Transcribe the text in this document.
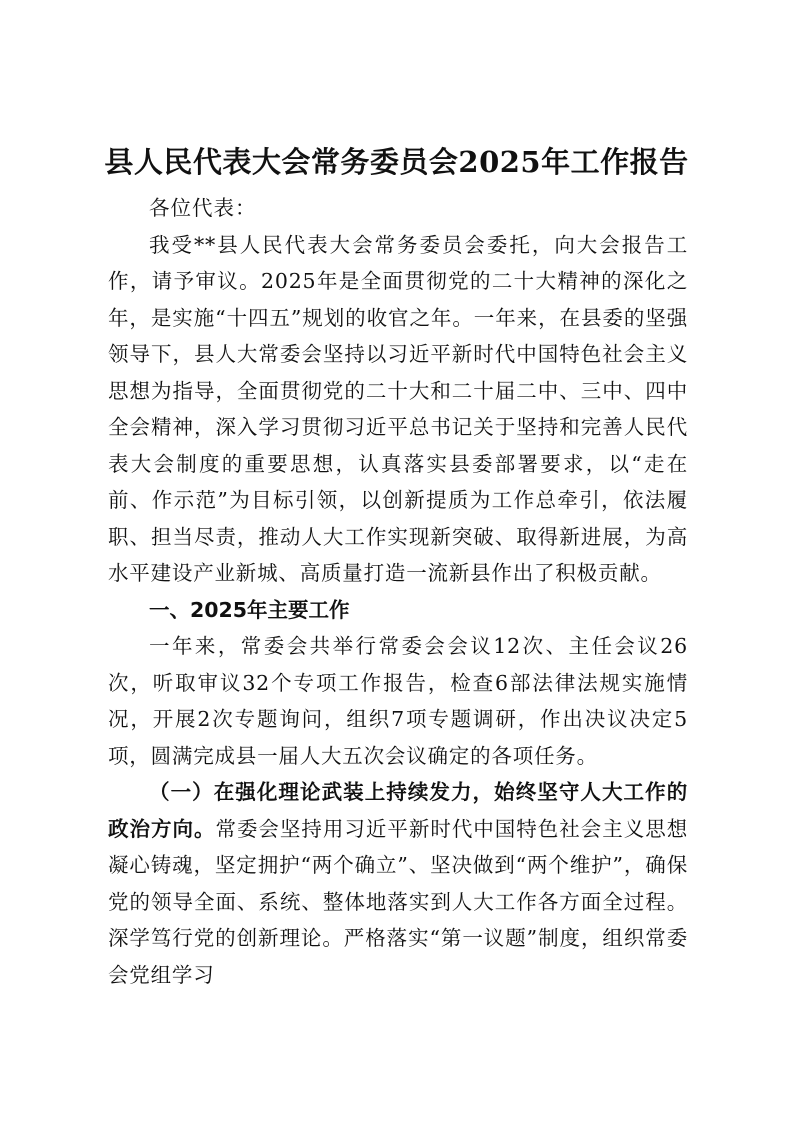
县人民代表大会常务委员会2025年工作报告

各位代表：

我受**县人民代表大会常务委员会委托，向大会报告工作，请予审议。2025年是全面贯彻党的二十大精神的深化之年，是实施“十四五”规划的收官之年。一年来，在县委的坚强领导下，县人大常委会坚持以习近平新时代中国特色社会主义思想为指导，全面贯彻党的二十大和二十届二中、三中、四中全会精神，深入学习贯彻习近平总书记关于坚持和完善人民代表大会制度的重要思想，认真落实县委部署要求，以“走在前、作示范”为目标引领，以创新提质为工作总牵引，依法履职、担当尽责，推动人大工作实现新突破、取得新进展，为高水平建设产业新城、高质量打造一流新县作出了积极贡献。

一、2025年主要工作

一年来，常委会共举行常委会会议12次、主任会议26次，听取审议32个专项工作报告，检查6部法律法规实施情况，开展2次专题询问，组织7项专题调研，作出决议决定5项，圆满完成县一届人大五次会议确定的各项任务。

（一）在强化理论武装上持续发力，始终坚守人大工作的政治方向。常委会坚持用习近平新时代中国特色社会主义思想凝心铸魂，坚定拥护“两个确立”、坚决做到“两个维护”，确保党的领导全面、系统、整体地落实到人大工作各方面全过程。深学笃行党的创新理论。严格落实“第一议题”制度，组织常委会党组学习
